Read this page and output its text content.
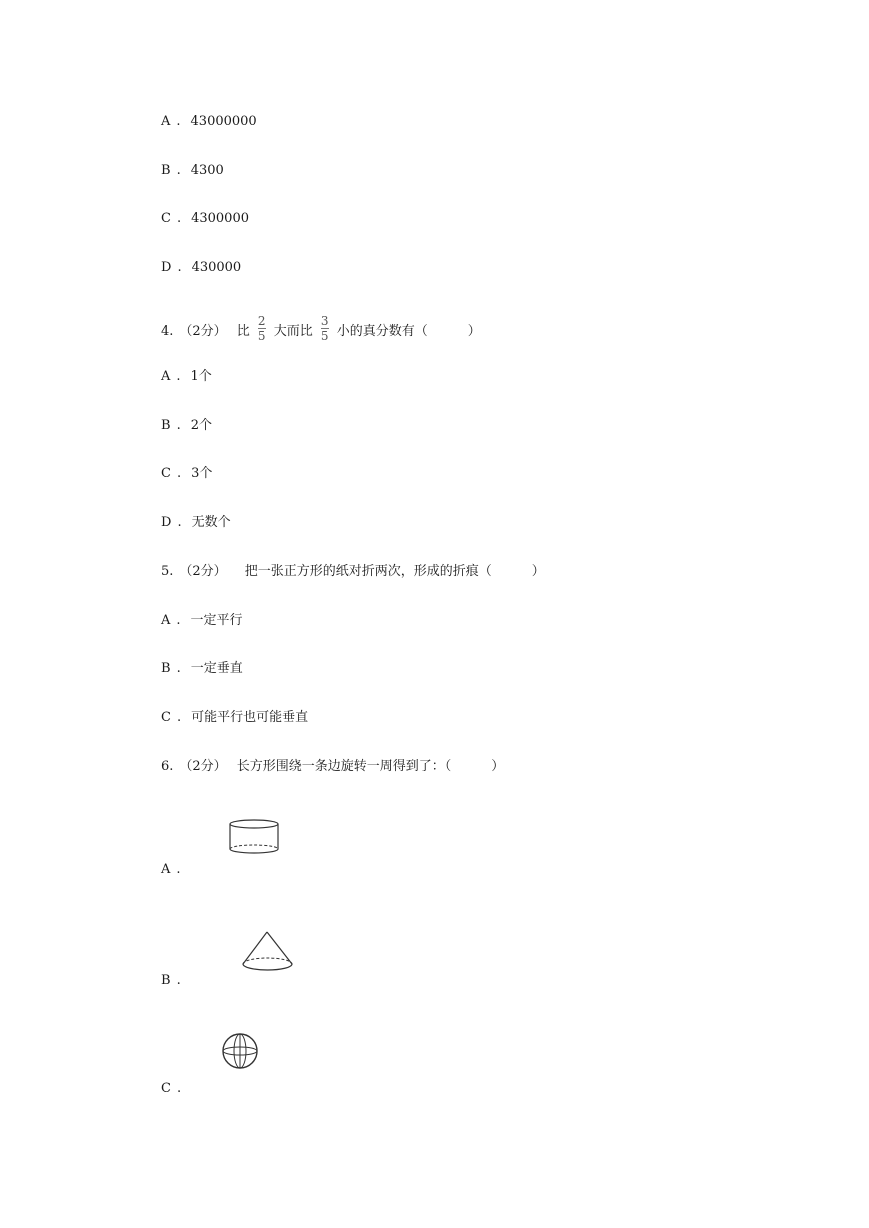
A . 43000000
B . 4300
C . 4300000
D . 430000
4. （2分） 比 $\frac{2}{5}$ 大而比 $\frac{3}{5}$ 小的真分数有（	）
A . 1个
B . 2个
C . 3个
D . 无数个
5. （2分） 把一张正方形的纸对折两次，形成的折痕（	）
A . 一定平行
B . 一定垂直
C . 可能平行也可能垂直
6. （2分） 长方形围绕一条边旋转一周得到了：（	）
A .
B .
C .
